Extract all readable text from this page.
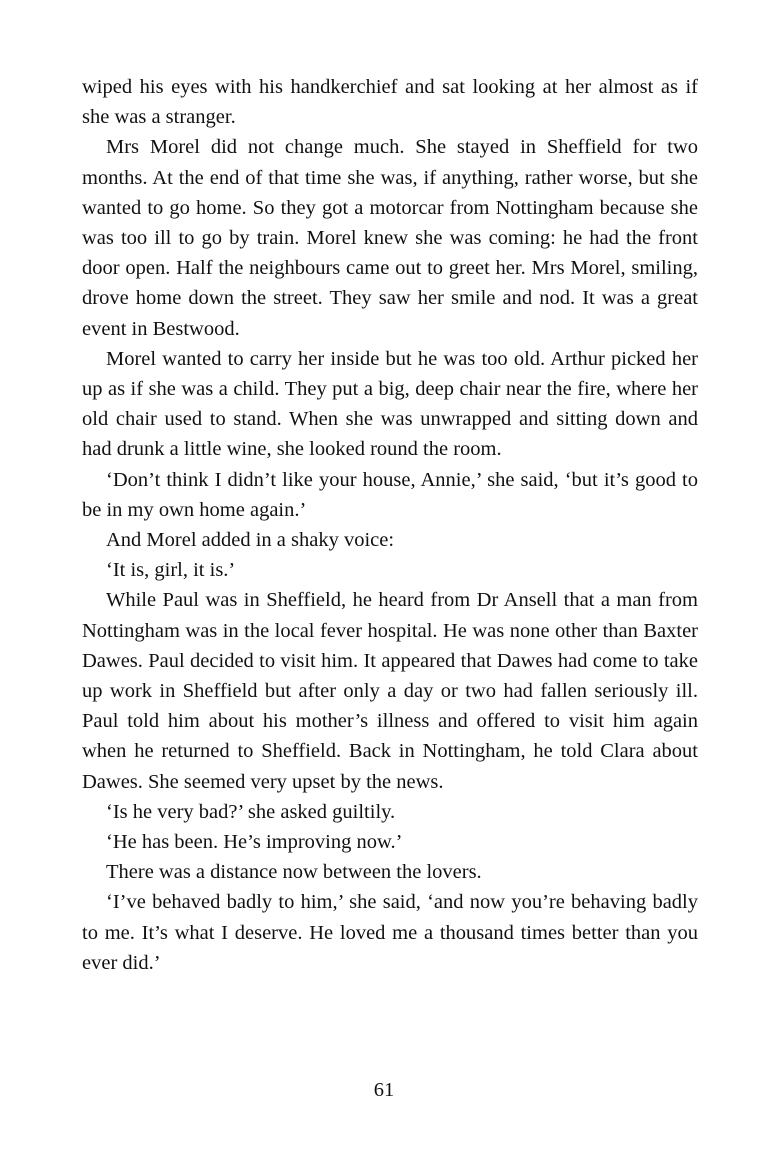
wiped his eyes with his handkerchief and sat looking at her almost as if she was a stranger.

Mrs Morel did not change much. She stayed in Sheffield for two months. At the end of that time she was, if anything, rather worse, but she wanted to go home. So they got a motorcar from Nottingham because she was too ill to go by train. Morel knew she was coming: he had the front door open. Half the neighbours came out to greet her. Mrs Morel, smiling, drove home down the street. They saw her smile and nod. It was a great event in Bestwood.

Morel wanted to carry her inside but he was too old. Arthur picked her up as if she was a child. They put a big, deep chair near the fire, where her old chair used to stand. When she was unwrapped and sitting down and had drunk a little wine, she looked round the room.

‘Don’t think I didn’t like your house, Annie,’ she said, ‘but it’s good to be in my own home again.’

And Morel added in a shaky voice:

‘It is, girl, it is.’

While Paul was in Sheffield, he heard from Dr Ansell that a man from Nottingham was in the local fever hospital. He was none other than Baxter Dawes. Paul decided to visit him. It appeared that Dawes had come to take up work in Sheffield but after only a day or two had fallen seriously ill. Paul told him about his mother’s illness and offered to visit him again when he returned to Sheffield. Back in Nottingham, he told Clara about Dawes. She seemed very upset by the news.

‘Is he very bad?’ she asked guiltily.

‘He has been. He’s improving now.’

There was a distance now between the lovers.

‘I’ve behaved badly to him,’ she said, ‘and now you’re behaving badly to me. It’s what I deserve. He loved me a thousand times better than you ever did.’

61
